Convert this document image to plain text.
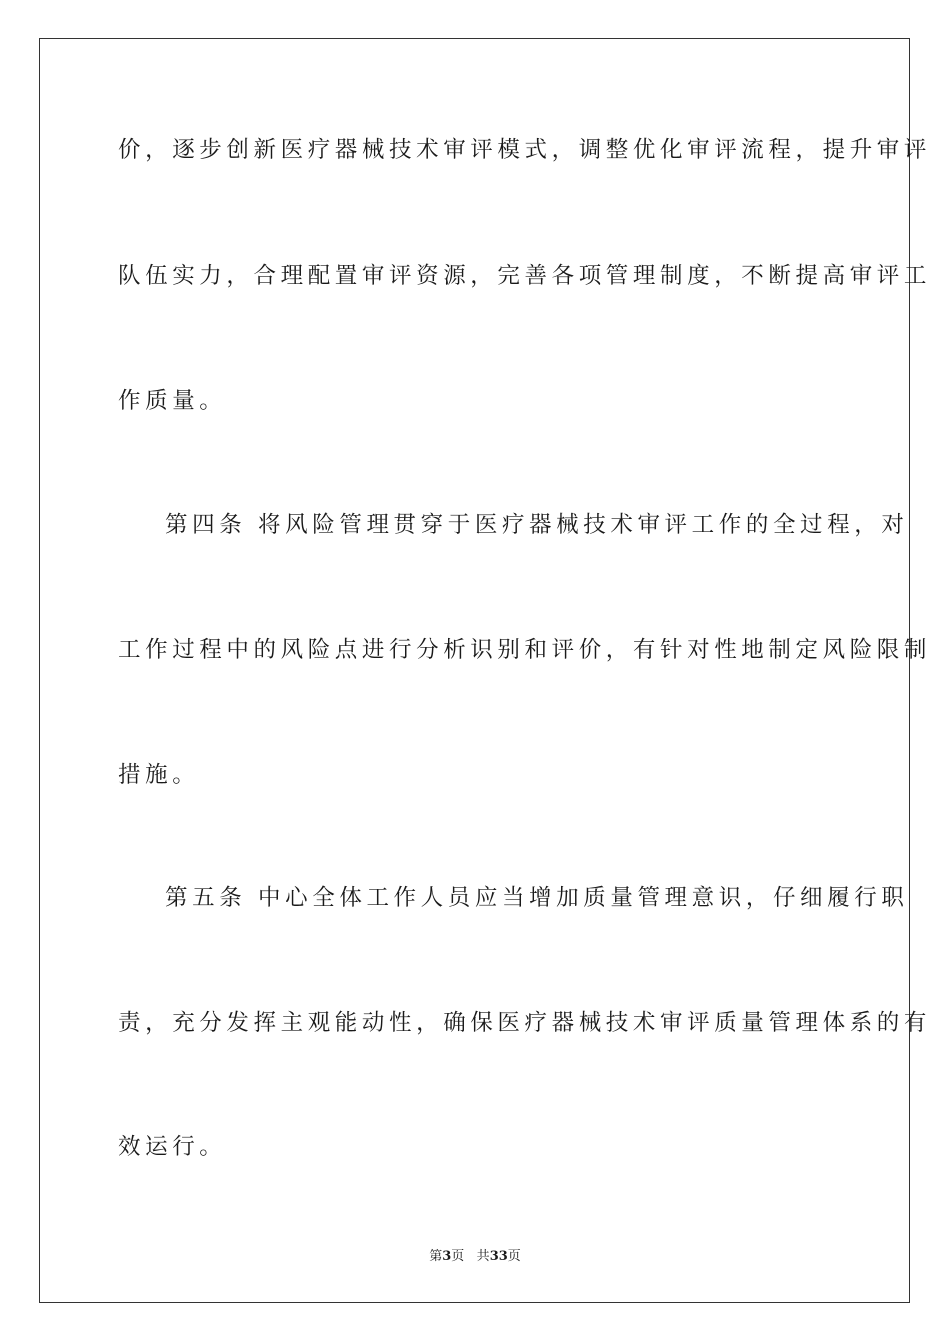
价，逐步创新医疗器械技术审评模式，调整优化审评流程，提升审评
队伍实力，合理配置审评资源，完善各项管理制度，不断提高审评工
作质量。
第四条 将风险管理贯穿于医疗器械技术审评工作的全过程，对
工作过程中的风险点进行分析识别和评价，有针对性地制定风险限制
措施。
第五条 中心全体工作人员应当增加质量管理意识，仔细履行职
责，充分发挥主观能动性，确保医疗器械技术审评质量管理体系的有
效运行。
第3页 共33页
